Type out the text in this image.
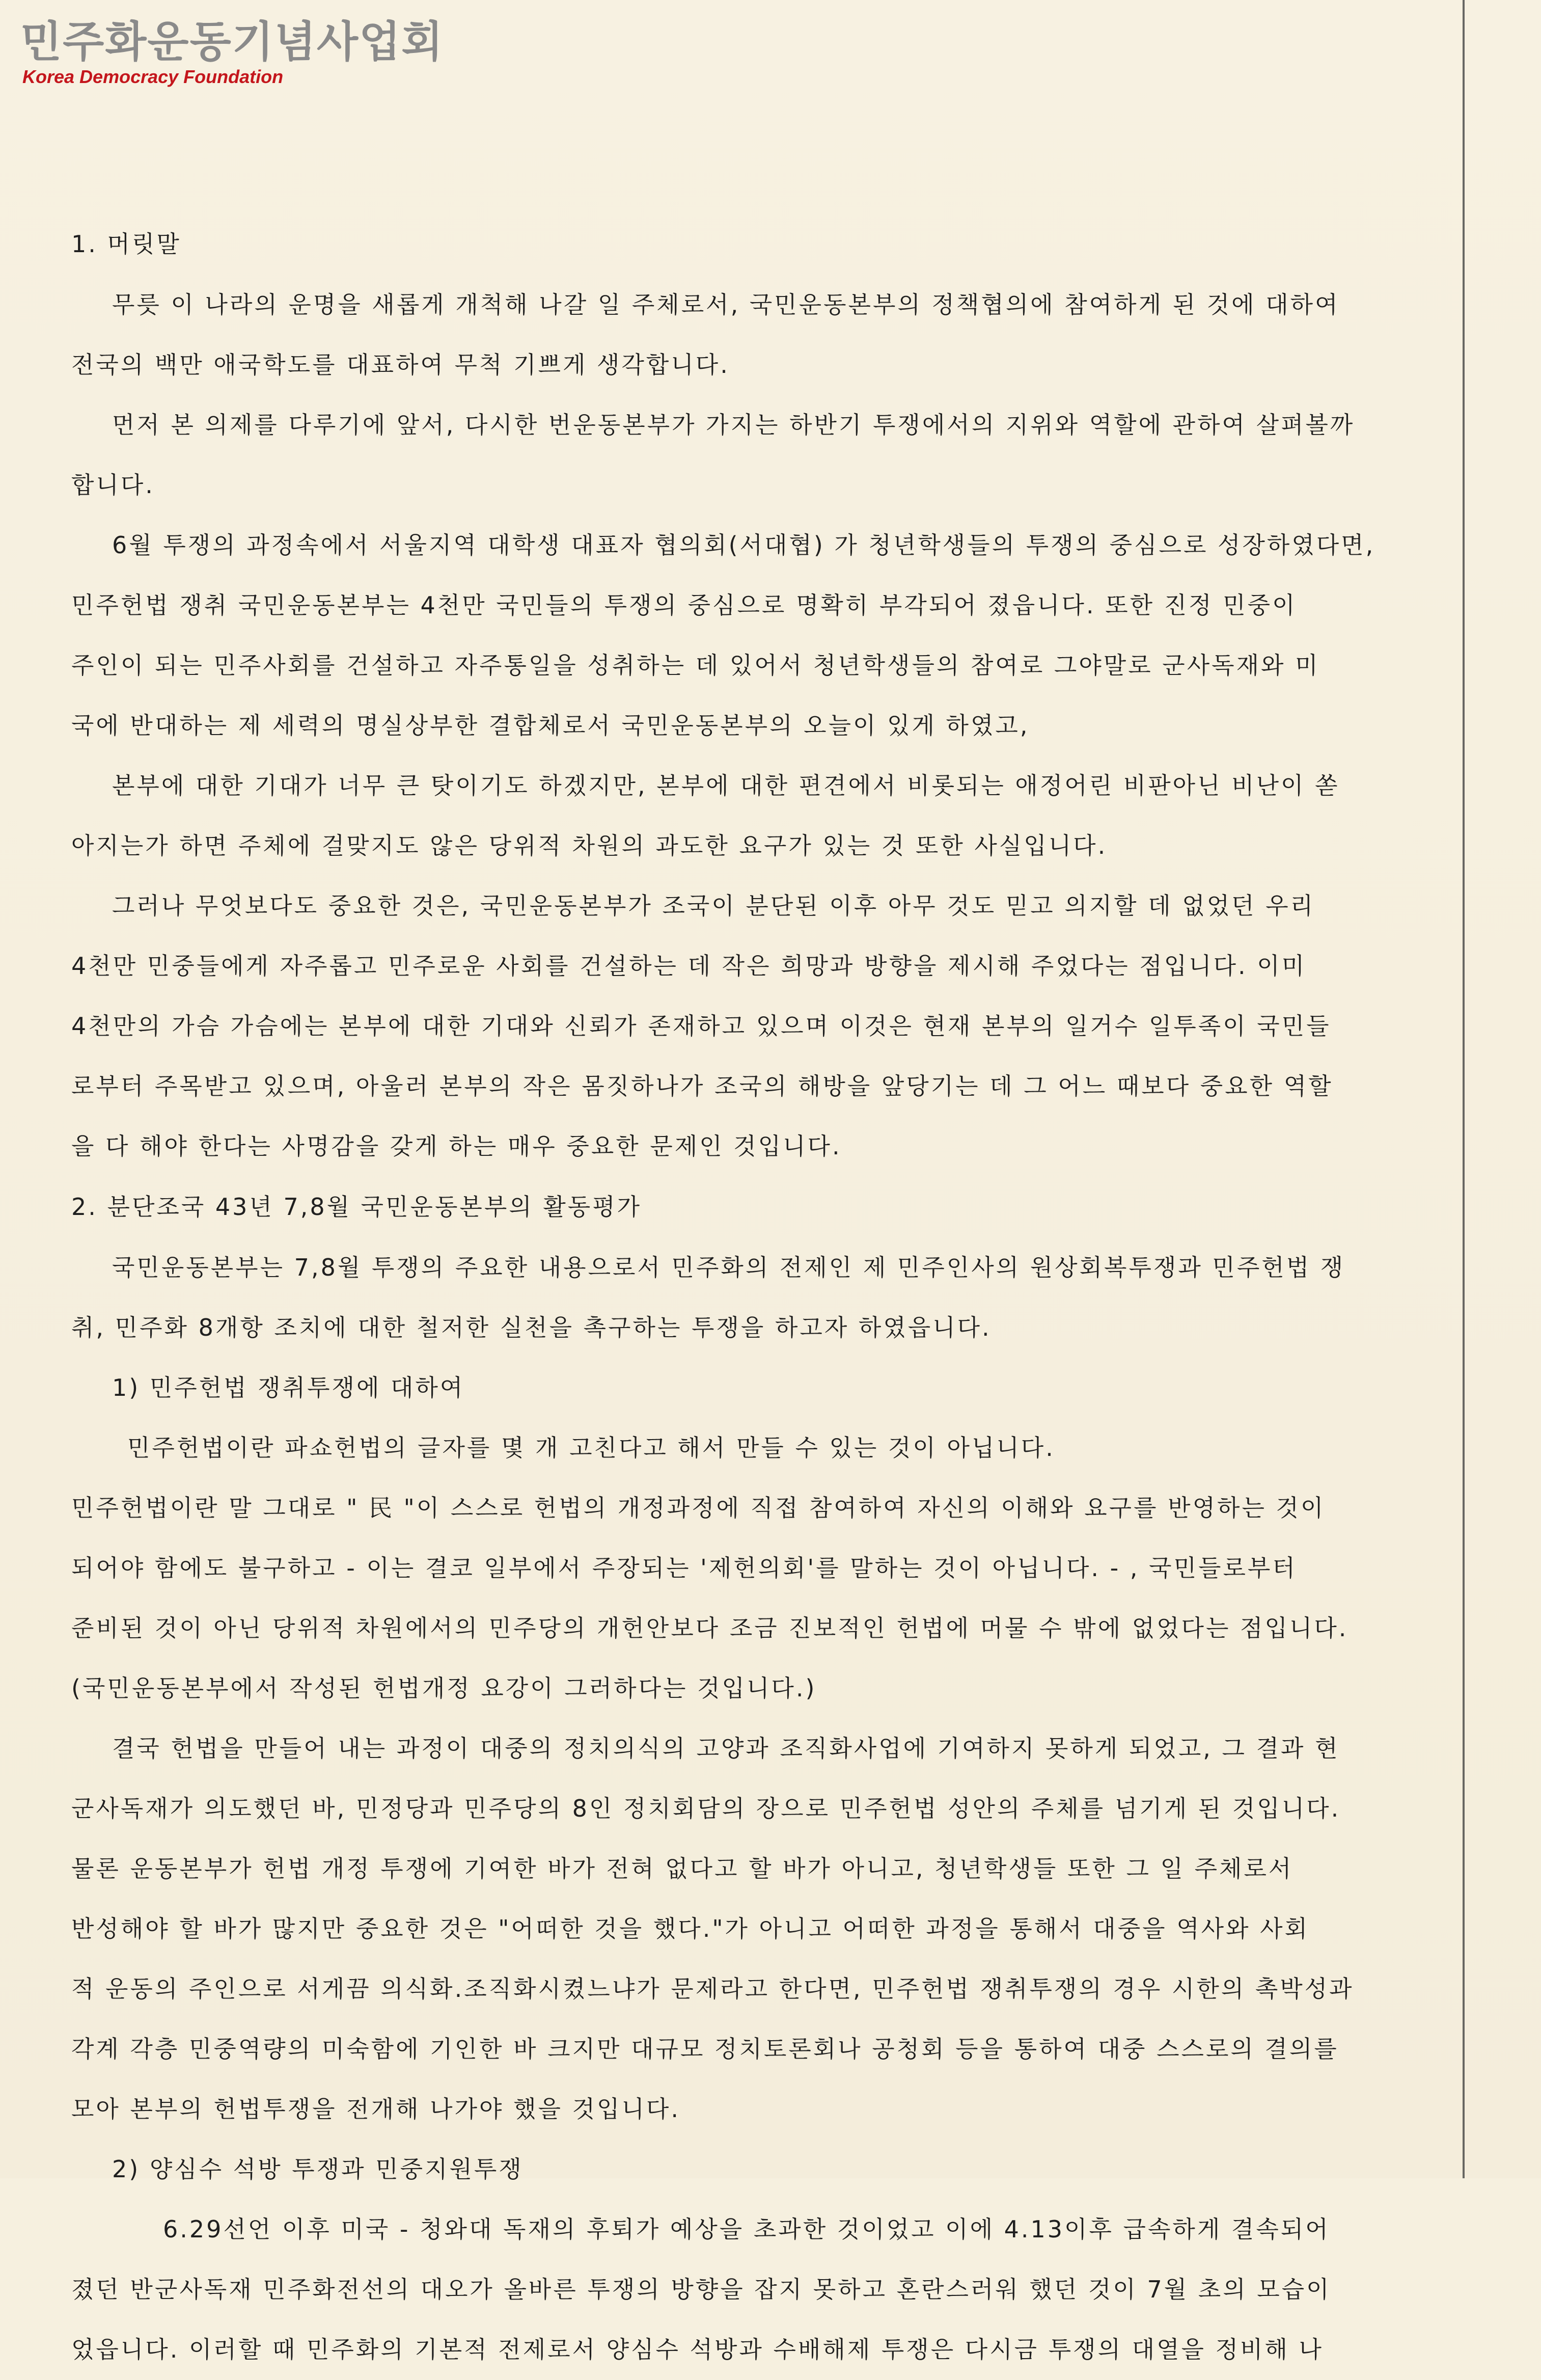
민주화운동기념사업회
Korea Democracy Foundation
1. 머릿말
무릇 이 나라의 운명을 새롭게 개척해 나갈 일 주체로서, 국민운동본부의 정책협의에 참여하게 된 것에 대하여
전국의 백만 애국학도를 대표하여 무척 기쁘게 생각합니다.
먼저 본 의제를 다루기에 앞서, 다시한 번운동본부가 가지는 하반기 투쟁에서의 지위와 역할에 관하여 살펴볼까
합니다.
6월 투쟁의 과정속에서 서울지역 대학생 대표자 협의회(서대협) 가 청년학생들의 투쟁의 중심으로 성장하였다면,
민주헌법 쟁취 국민운동본부는 4천만 국민들의 투쟁의 중심으로 명확히 부각되어 졌읍니다. 또한 진정 민중이
주인이 되는 민주사회를 건설하고 자주통일을 성취하는 데 있어서 청년학생들의 참여로 그야말로 군사독재와 미
국에 반대하는 제 세력의 명실상부한 결합체로서 국민운동본부의 오늘이 있게 하였고,
본부에 대한 기대가 너무 큰 탓이기도 하겠지만, 본부에 대한 편견에서 비롯되는 애정어린 비판아닌 비난이 쏟
아지는가 하면 주체에 걸맞지도 않은 당위적 차원의 과도한 요구가 있는 것 또한 사실입니다.
그러나 무엇보다도 중요한 것은, 국민운동본부가 조국이 분단된 이후 아무 것도 믿고 의지할 데 없었던 우리
4천만 민중들에게 자주롭고 민주로운 사회를 건설하는 데 작은 희망과 방향을 제시해 주었다는 점입니다. 이미
4천만의 가슴 가슴에는 본부에 대한 기대와 신뢰가 존재하고 있으며 이것은 현재 본부의 일거수 일투족이 국민들
로부터 주목받고 있으며, 아울러 본부의 작은 몸짓하나가 조국의 해방을 앞당기는 데 그 어느 때보다 중요한 역할
을 다 해야 한다는 사명감을 갖게 하는 매우 중요한 문제인 것입니다.
2. 분단조국 43년 7,8월 국민운동본부의 활동평가
국민운동본부는 7,8월 투쟁의 주요한 내용으로서 민주화의 전제인 제 민주인사의 원상회복투쟁과 민주헌법 쟁
취, 민주화 8개항 조치에 대한 철저한 실천을 촉구하는 투쟁을 하고자 하였읍니다.
1) 민주헌법 쟁취투쟁에 대하여
민주헌법이란 파쇼헌법의 글자를 몇 개 고친다고 해서 만들 수 있는 것이 아닙니다.
민주헌법이란 말 그대로 " 民 "이 스스로 헌법의 개정과정에 직접 참여하여 자신의 이해와 요구를 반영하는 것이
되어야 함에도 불구하고 - 이는 결코 일부에서 주장되는 '제헌의회'를 말하는 것이 아닙니다. - , 국민들로부터
준비된 것이 아닌 당위적 차원에서의 민주당의 개헌안보다 조금 진보적인 헌법에 머물 수 밖에 없었다는 점입니다.
(국민운동본부에서 작성된 헌법개정 요강이 그러하다는 것입니다.)
결국 헌법을 만들어 내는 과정이 대중의 정치의식의 고양과 조직화사업에 기여하지 못하게 되었고, 그 결과 현
군사독재가 의도했던 바, 민정당과 민주당의 8인 정치회담의 장으로 민주헌법 성안의 주체를 넘기게 된 것입니다.
물론 운동본부가 헌법 개정 투쟁에 기여한 바가 전혀 없다고 할 바가 아니고, 청년학생들 또한 그 일 주체로서
반성해야 할 바가 많지만 중요한 것은 "어떠한 것을 했다."가 아니고 어떠한 과정을 통해서 대중을 역사와 사회
적 운동의 주인으로 서게끔 의식화.조직화시켰느냐가 문제라고 한다면, 민주헌법 쟁취투쟁의 경우 시한의 촉박성과
각계 각층 민중역량의 미숙함에 기인한 바 크지만 대규모 정치토론회나 공청회 등을 통하여 대중 스스로의 결의를
모아 본부의 헌법투쟁을 전개해 나가야 했을 것입니다.
2) 양심수 석방 투쟁과 민중지원투쟁
6.29선언 이후 미국 - 청와대 독재의 후퇴가 예상을 초과한 것이었고 이에 4.13이후 급속하게 결속되어
졌던 반군사독재 민주화전선의 대오가 올바른 투쟁의 방향을 잡지 못하고 혼란스러워 했던 것이 7월 초의 모습이
었읍니다. 이러할 때 민주화의 기본적 전제로서 양심수 석방과 수배해제 투쟁은 다시금 투쟁의 대열을 정비해 나
